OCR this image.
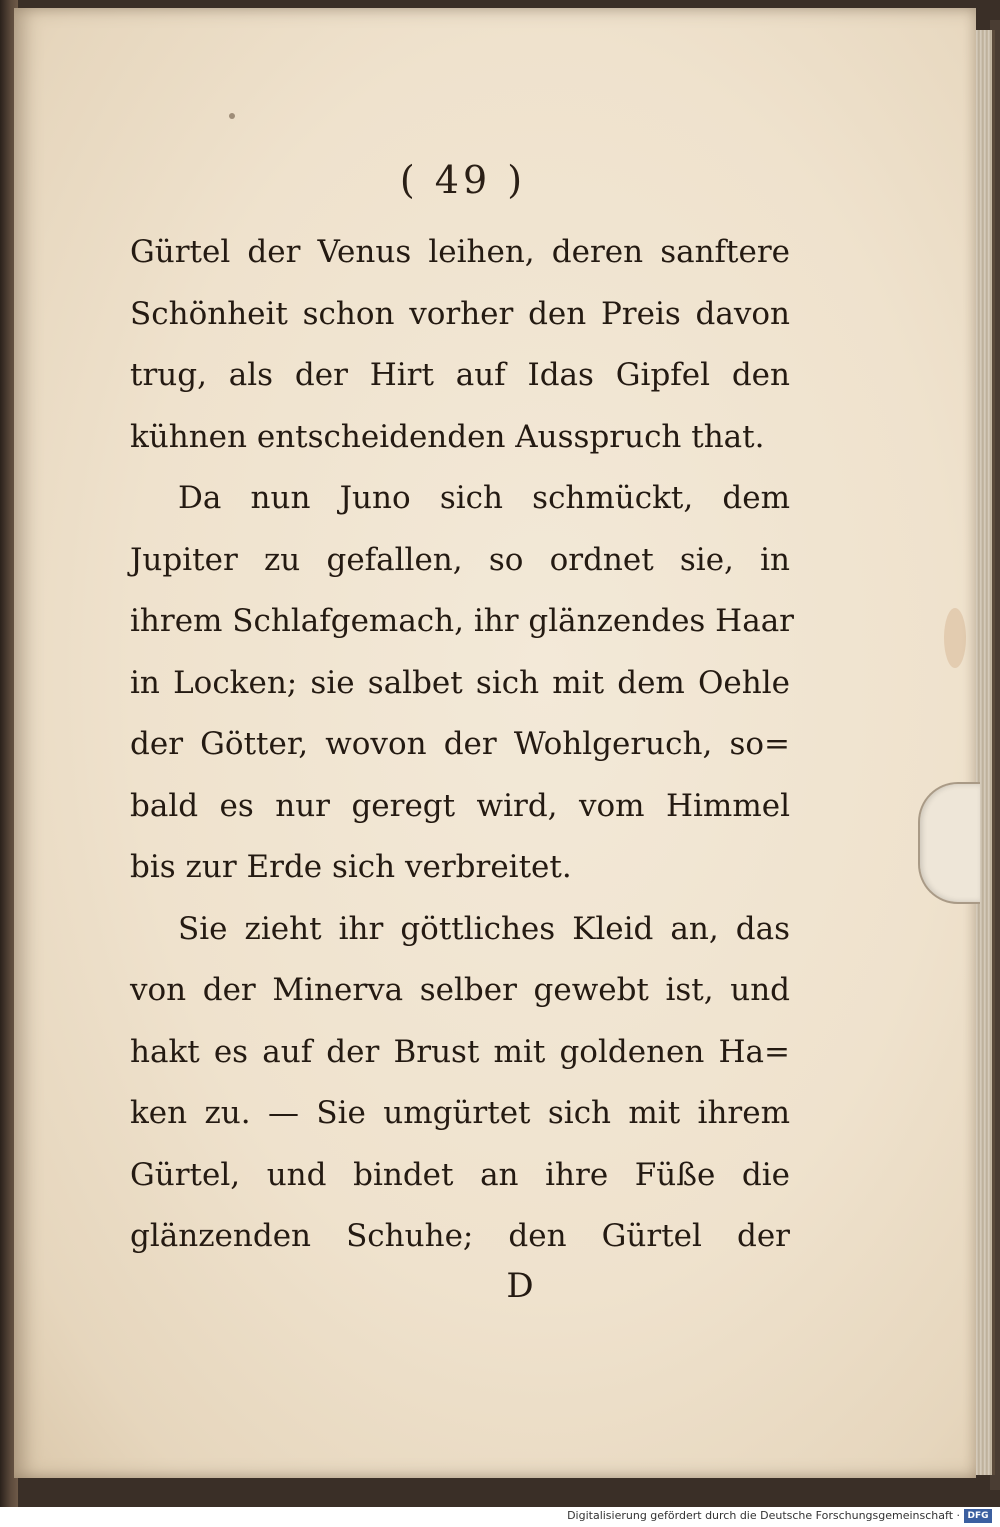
( 49 )
Gürtel der Venus leihen, deren sanftere
Schönheit schon vorher den Preis davon
trug, als der Hirt auf Idas Gipfel den
kühnen entscheidenden Ausspruch that.
Da nun Juno sich schmückt, dem
Jupiter zu gefallen, so ordnet sie, in
ihrem Schlafgemach, ihr glänzendes Haar
in Locken; sie salbet sich mit dem Oehle
der Götter, wovon der Wohlgeruch, so=
bald es nur geregt wird, vom Himmel
bis zur Erde sich verbreitet.
Sie zieht ihr göttliches Kleid an, das
von der Minerva selber gewebt ist, und
hakt es auf der Brust mit goldenen Ha=
ken zu. — Sie umgürtet sich mit ihrem
Gürtel, und bindet an ihre Füße die
glänzenden Schuhe; den Gürtel der
D
Digitalisierung gefördert durch die Deutsche Forschungsgemeinschaft · DFG
